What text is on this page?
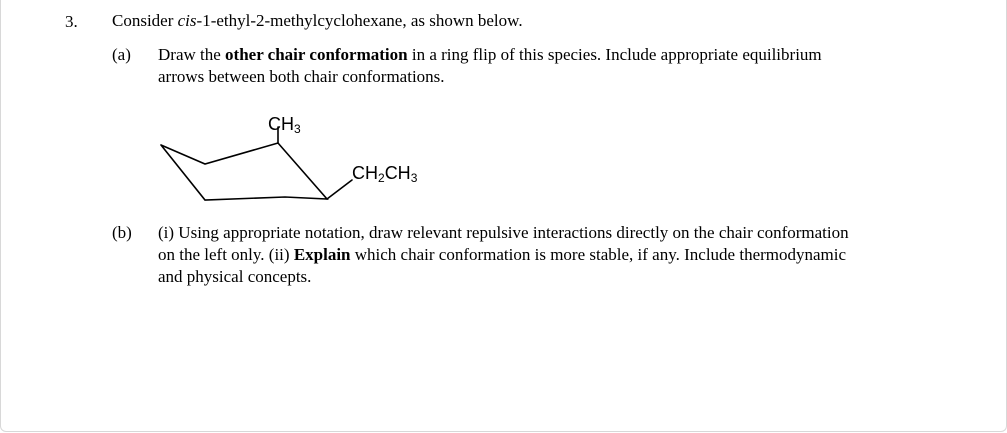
3. Consider cis-1-ethyl-2-methylcyclohexane, as shown below.
(a) Draw the other chair conformation in a ring flip of this species. Include appropriate equilibrium
arrows between both chair conformations.
$CH_3$
$CH_2CH_3$
(b) (i) Using appropriate notation, draw relevant repulsive interactions directly on the chair conformation
on the left only. (ii) Explain which chair conformation is more stable, if any. Include thermodynamic
and physical concepts.
